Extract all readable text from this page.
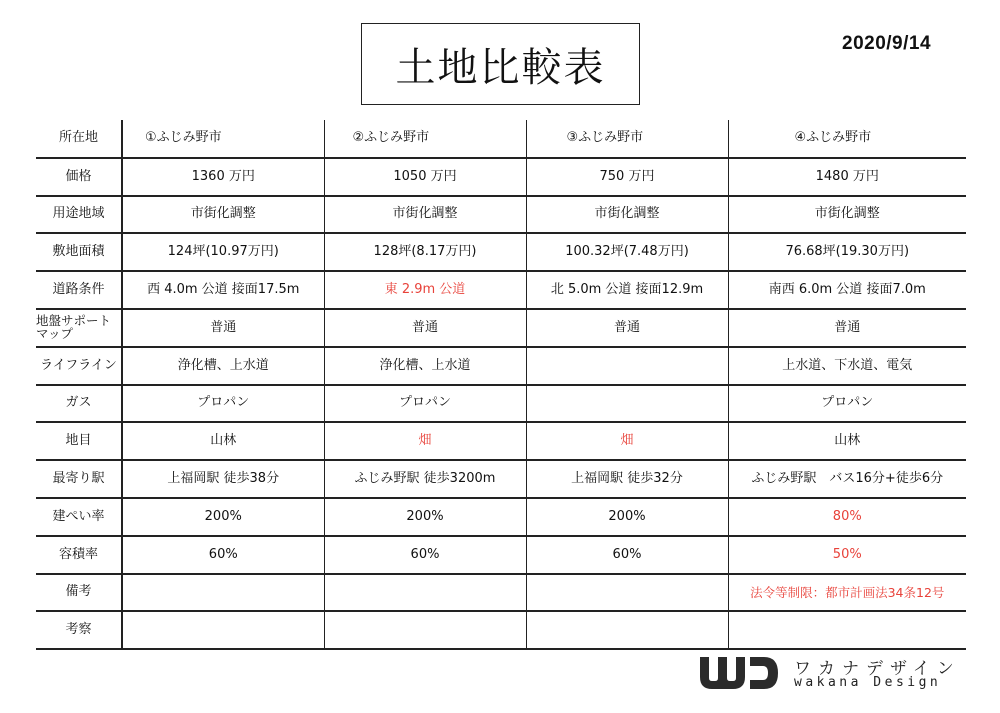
土地比較表
2020/9/14
所在地	①ふじみ野市	②ふじみ野市	③ふじみ野市	④ふじみ野市
価格	1360 万円	1050 万円	750 万円	1480 万円
用途地域	市街化調整	市街化調整	市街化調整	市街化調整
敷地面積	124坪(10.97万円)	128坪(8.17万円)	100.32坪(7.48万円)	76.68坪(19.30万円)
道路条件	西 4.0m 公道 接面17.5m	東 2.9m 公道	北 5.0m 公道 接面12.9m	南西 6.0m 公道 接面7.0m
地盤サポートマップ	普通	普通	普通	普通
ライフライン	浄化槽、上水道	浄化槽、上水道		上水道、下水道、電気
ガス	プロパン	プロパン		プロパン
地目	山林	畑	畑	山林
最寄り駅	上福岡駅 徒歩38分	ふじみ野駅 徒歩3200m	上福岡駅 徒歩32分	ふじみ野駅　バス16分+徒歩6分
建ぺい率	200%	200%	200%	80%
容積率	60%	60%	60%	50%
備考				法令等制限：都市計画法34条12号
考察				
ワカナデザイン
wakana Design
